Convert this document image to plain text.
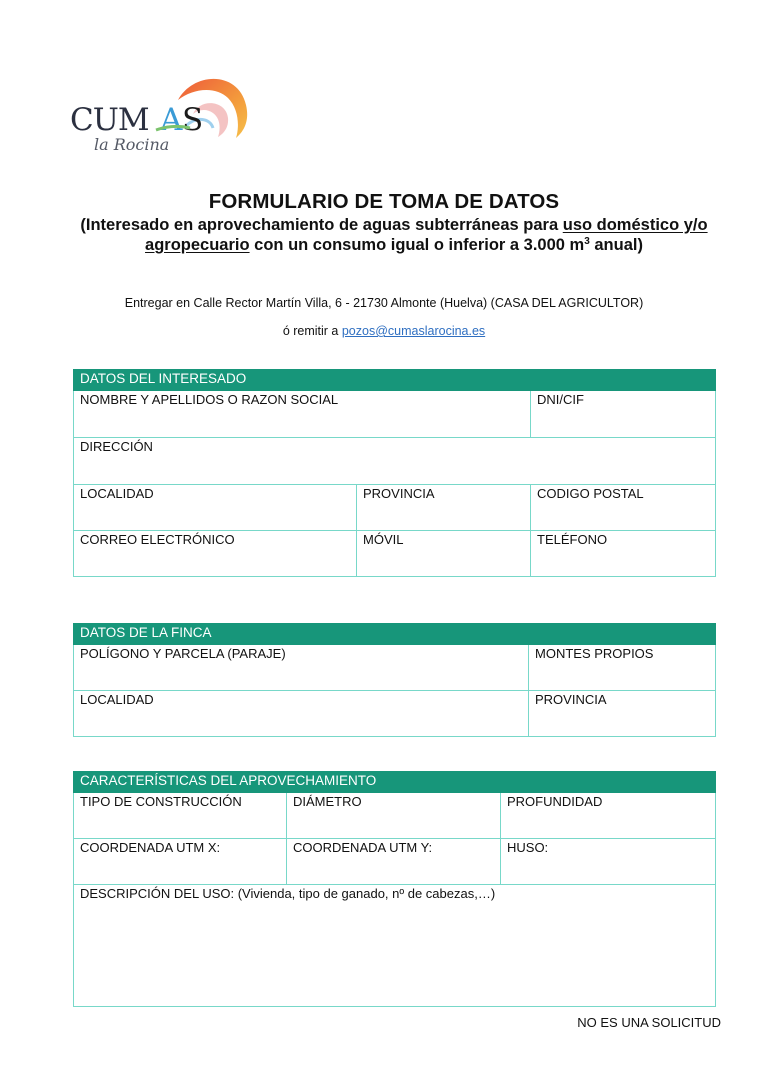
CUM A S
la Rocina
FORMULARIO DE TOMA DE DATOS
(Interesado en aprovechamiento de aguas subterráneas para uso doméstico y/o agropecuario con un consumo igual o inferior a 3.000 $m^3$ anual)
Entregar en Calle Rector Martín Villa, 6 - 21730 Almonte (Huelva) (CASA DEL AGRICULTOR)
ó remitir a pozos@cumaslarocina.es
DATOS DEL INTERESADO		
NOMBRE Y APELLIDOS O RAZON SOCIAL		DNI/CIF
DIRECCIÓN		
LOCALIDAD	PROVINCIA	CODIGO POSTAL
CORREO ELECTRÓNICO	MÓVIL	TELÉFONO
DATOS DE LA FINCA	
POLÍGONO Y PARCELA (PARAJE)	MONTES PROPIOS
LOCALIDAD	PROVINCIA
CARACTERÍSTICAS DEL APROVECHAMIENTO		
TIPO DE CONSTRUCCIÓN	DIÁMETRO	PROFUNDIDAD
COORDENADA UTM X:	COORDENADA UTM Y:	HUSO:
DESCRIPCIÓN DEL USO: (Vivienda, tipo de ganado, nº de cabezas,…)		
NO ES UNA SOLICITUD
